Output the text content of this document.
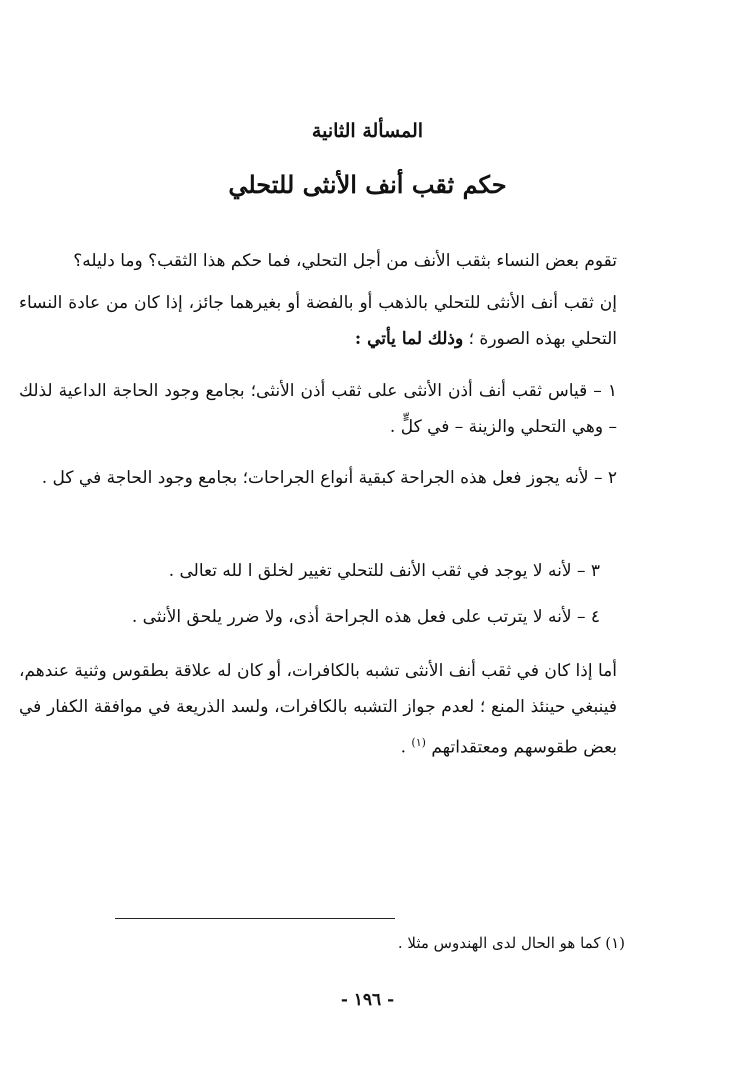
المسألة الثانية
حكم ثقب أنف الأنثى للتحلي

تقوم بعض النساء بثقب الأنف من أجل التحلي، فما حكم هذا الثقب؟ وما دليله؟

إن ثقب أنف الأنثى للتحلي بالذهب أو بالفضة أو بغيرهما جائز، إذا كان من عادة النساء التحلي بهذه الصورة ؛ وذلك لما يأتي :

١ – قياس ثقب أنف أذن الأنثى على ثقب أذن الأنثى؛ بجامع وجود الحاجة الداعية لذلك – وهي التحلي والزينة – في كلٍّ .

٢ – لأنه يجوز فعل هذه الجراحة كبقية أنواع الجراحات؛ بجامع وجود الحاجة في كل .

٣ – لأنه لا يوجد في ثقب الأنف للتحلي تغيير لخلق ا لله تعالى .

٤ – لأنه لا يترتب على فعل هذه الجراحة أذى، ولا ضرر يلحق الأنثى .

أما إذا كان في ثقب أنف الأنثى تشبه بالكافرات، أو كان له علاقة بطقوس وثنية عندهم، فينبغي حينئذ المنع ؛ لعدم جواز التشبه بالكافرات، ولسد الذريعة في موافقة الكفار في بعض طقوسهم ومعتقداتهم $^{(١)}$ .

(١) كما هو الحال لدى الهندوس مثلا .
- ١٩٦ -
